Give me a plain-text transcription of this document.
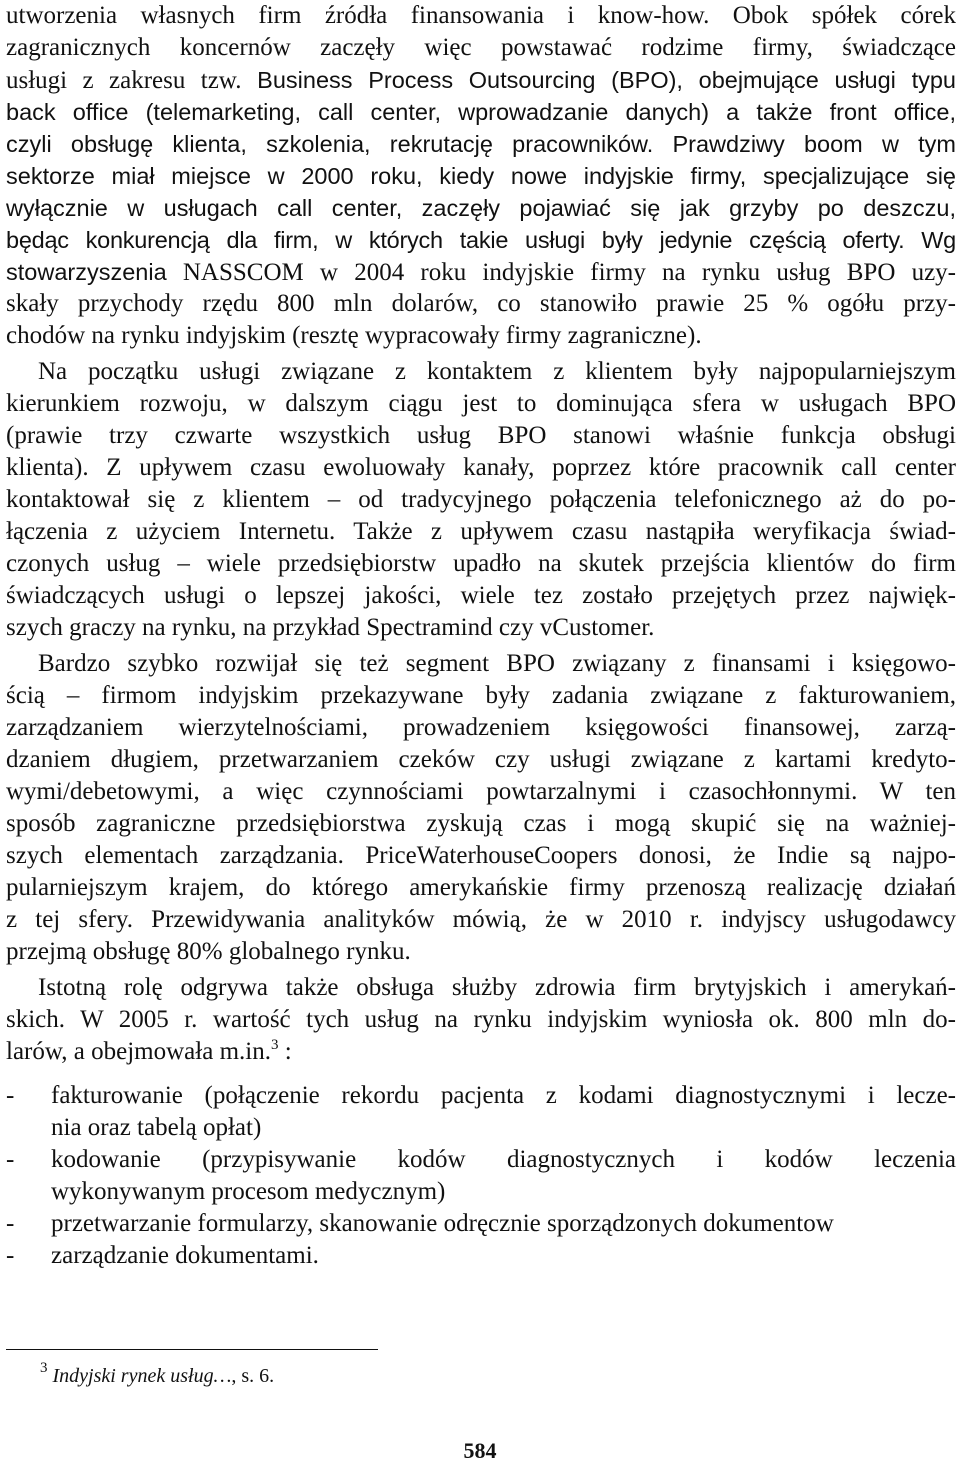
utworzenia własnych firm źródła finansowania i know-how. Obok spółek córek
zagranicznych koncernów zaczęły więc powstawać rodzime firmy, świadczące
usługi z zakresu tzw. Business Process Outsourcing (BPO), obejmujące usługi typu
back office (telemarketing, call center, wprowadzanie danych) a także front office,
czyli obsługę klienta, szkolenia, rekrutację pracowników. Prawdziwy boom w tym
sektorze miał miejsce w 2000 roku, kiedy nowe indyjskie firmy, specjalizujące się
wyłącznie w usługach call center, zaczęły pojawiać się jak grzyby po deszczu,
będąc konkurencją dla firm, w których takie usługi były jedynie częścią oferty. Wg
stowarzyszenia NASSCOM w 2004 roku indyjskie firmy na rynku usług BPO uzy-
skały przychody rzędu 800 mln dolarów, co stanowiło prawie 25 % ogółu przy-
chodów na rynku indyjskim (resztę wypracowały firmy zagraniczne).
Na początku usługi związane z kontaktem z klientem były najpopularniejszym
kierunkiem rozwoju, w dalszym ciągu jest to dominująca sfera w usługach BPO
(prawie trzy czwarte wszystkich usług BPO stanowi właśnie funkcja obsługi
klienta). Z upływem czasu ewoluowały kanały, poprzez które pracownik call center
kontaktował się z klientem – od tradycyjnego połączenia telefonicznego aż do po-
łączenia z użyciem Internetu. Także z upływem czasu nastąpiła weryfikacja świad-
czonych usług – wiele przedsiębiorstw upadło na skutek przejścia klientów do firm
świadczących usługi o lepszej jakości, wiele tez zostało przejętych przez najwięk-
szych graczy na rynku, na przykład Spectramind czy vCustomer.
Bardzo szybko rozwijał się też segment BPO związany z finansami i księgowo-
ścią – firmom indyjskim przekazywane były zadania związane z fakturowaniem,
zarządzaniem wierzytelnościami, prowadzeniem księgowości finansowej, zarzą-
dzaniem długiem, przetwarzaniem czeków czy usługi związane z kartami kredyto-
wymi/debetowymi, a więc czynnościami powtarzalnymi i czasochłonnymi. W ten
sposób zagraniczne przedsiębiorstwa zyskują czas i mogą skupić się na ważniej-
szych elementach zarządzania. PriceWaterhouseCoopers donosi, że Indie są najpo-
pularniejszym krajem, do którego amerykańskie firmy przenoszą realizację działań
z tej sfery. Przewidywania analityków mówią, że w 2010 r. indyjscy usługodawcy
przejmą obsługę 80% globalnego rynku.
Istotną rolę odgrywa także obsługa służby zdrowia firm brytyjskich i amerykań-
skich. W 2005 r. wartość tych usług na rynku indyjskim wyniosła ok. 800 mln do-
larów, a obejmowała m.in.$^3$ :
- fakturowanie (połączenie rekordu pacjenta z kodami diagnostycznymi i lecze-
nia oraz tabelą opłat)
- kodowanie (przypisywanie kodów diagnostycznych i kodów leczenia
wykonywanym procesom medycznym)
- przetwarzanie formularzy, skanowanie odręcznie sporządzonych dokumentow
- zarządzanie dokumentami.
$^3$ Indyjski rynek usług…, s. 6.
584
